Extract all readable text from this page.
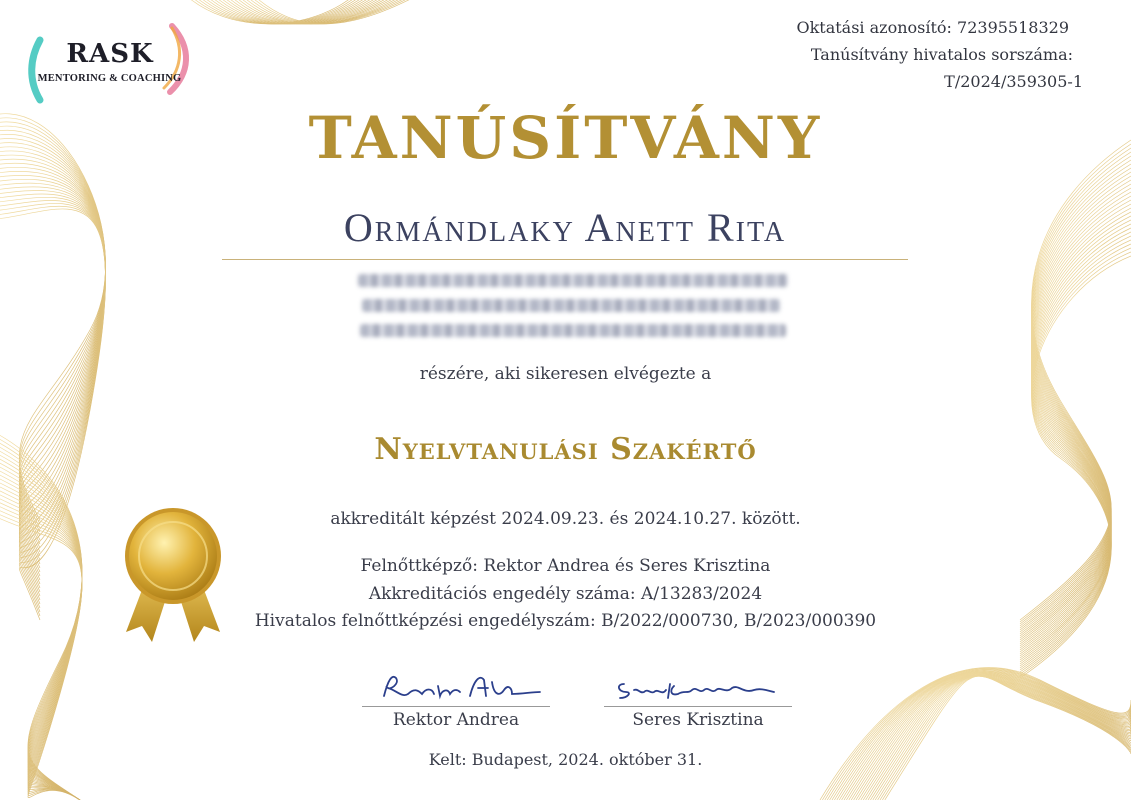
RASK
MENTORING & COACHING
Oktatási azonosító: 72395518329
Tanúsítvány hivatalos sorszáma:
T/2024/359305-1
TANÚSÍTVÁNY
Ormándlaky Anett Rita
részére, aki sikeresen elvégezte a
Nyelvtanulási Szakértő
akkreditált képzést 2024.09.23. és 2024.10.27. között.
Felnőttképző: Rektor Andrea és Seres Krisztina
Akkreditációs engedély száma: A/13283/2024
Hivatalos felnőttképzési engedélyszám: B/2022/000730, B/2023/000390
Rektor Andrea	Seres Krisztina
Kelt: Budapest, 2024. október 31.
